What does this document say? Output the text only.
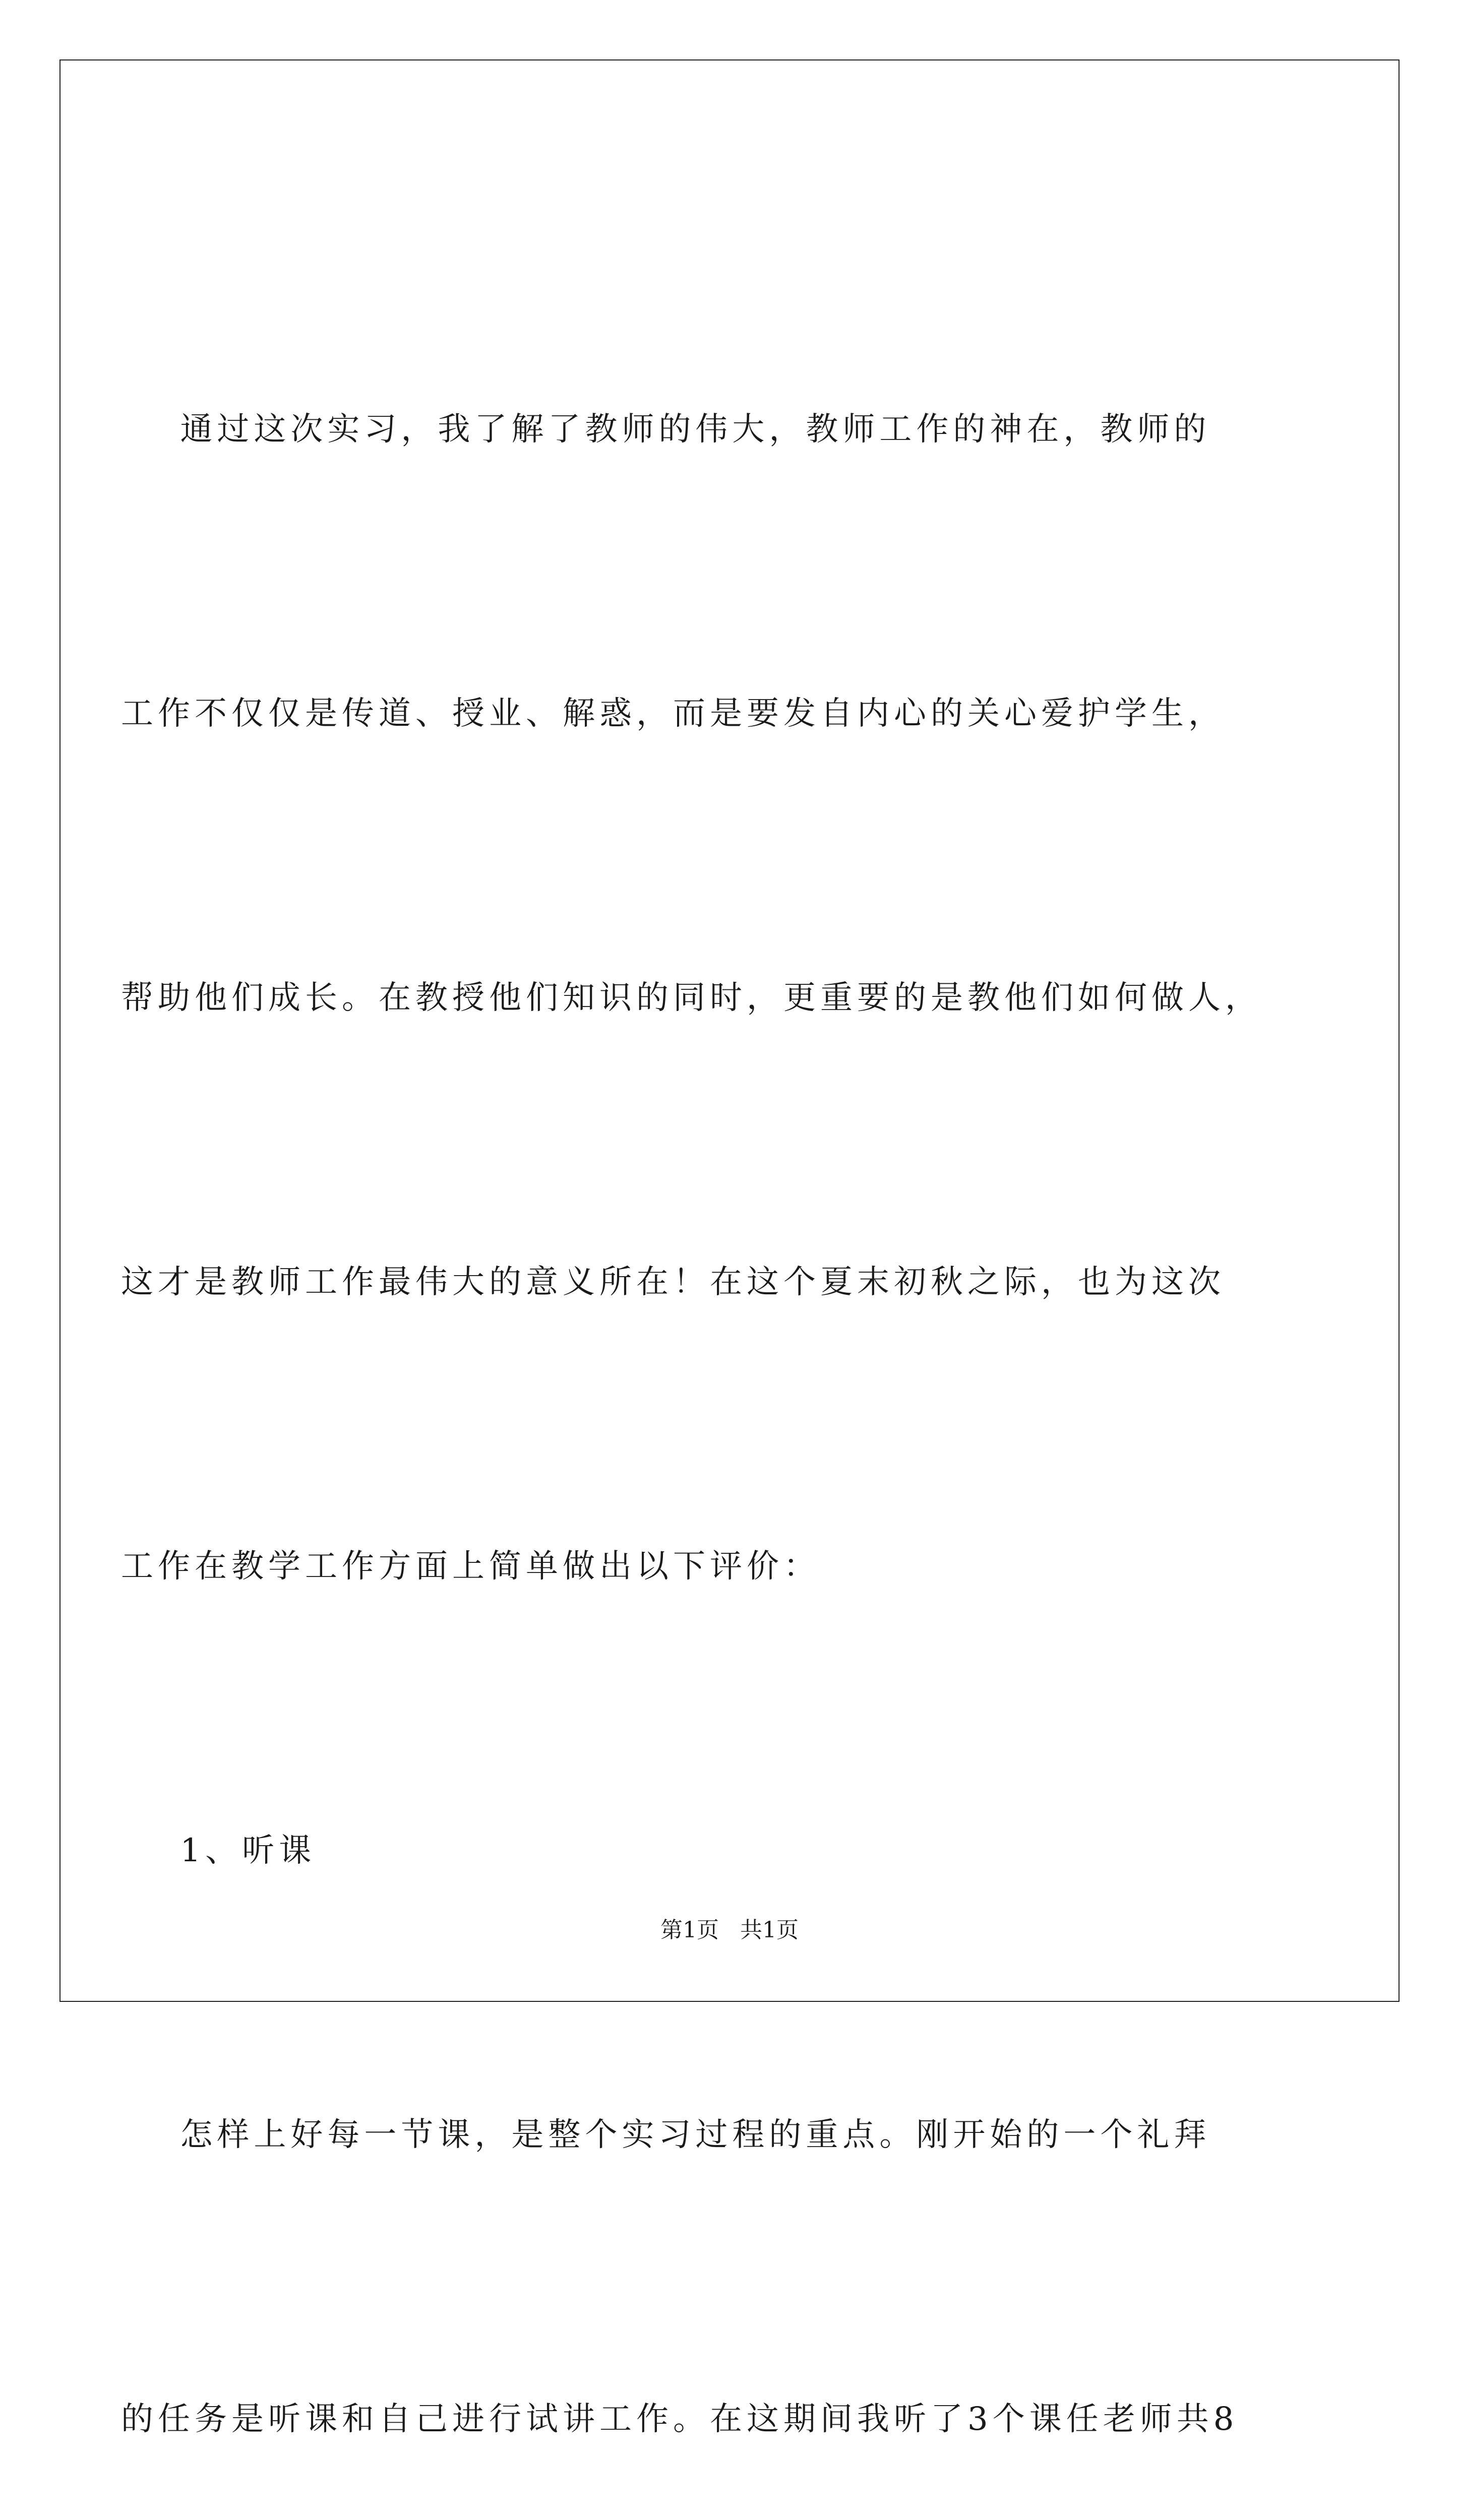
通过这次实习，我了解了教师的伟大，教师工作的神在，教师的

工作不仅仅是传道、授业、解惑，而是要发自内心的关心爱护学生，

帮助他们成长。在教授他们知识的同时，更重要的是教他们如何做人，

这才是教师工作最伟大的意义所在！在这个夏末初秋之际，也为这次

工作在教学工作方面上简单做出以下评价：

1、听课

怎样上好每一节课，是整个实习过程的重点。刚开始的一个礼拜

的任务是听课和自己进行试讲工作。在这期间我听了3个课任老师共8

第1页   共1页
